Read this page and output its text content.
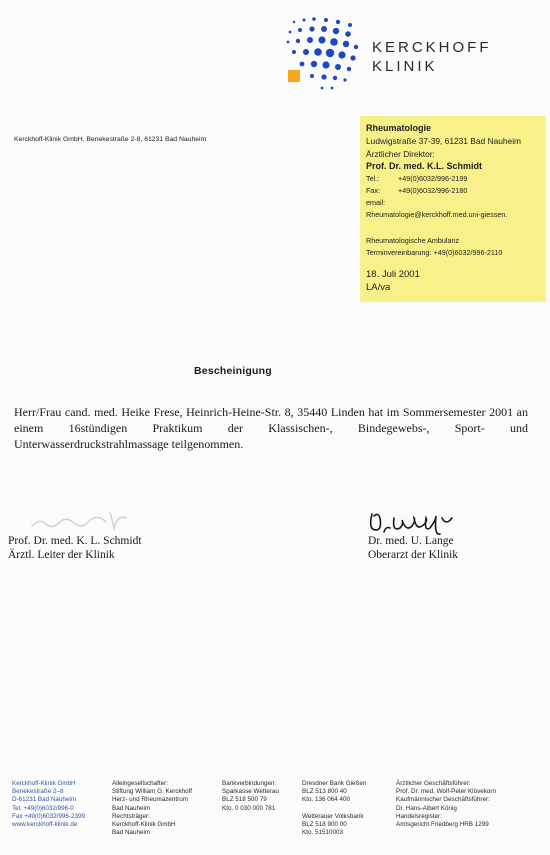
KERCKHOFF
KLINIK
Kerckhoff-Klinik GmbH, Benekestraße 2-8, 61231 Bad Nauheim
Rheumatologie
Ludwigstraße 37-39, 61231 Bad Nauheim
Ärztlicher Direktor:
Prof. Dr. med. K.L. Schmidt
Tel.:	+49(0)6032/996-2199
Fax:	+49(0)6032/996-2180
email:
Rheumatologie@kerckhoff.med.uni-giessen.
Rheumatologische Ambulanz
Terminvereinbarung: +49(0)6032/996-2110
18. Juli 2001
LA/va
Bescheinigung
Herr/Frau cand. med. Heike Frese, Heinrich-Heine-Str. 8, 35440 Linden hat im Sommersemester 2001 an einem 16stündigen Praktikum der Klassischen-, Bindegewebs-, Sport- und Unterwasserdruckstrahlmassage teilgenommen.
Prof. Dr. med. K. L. Schmidt
Ärztl. Leiter der Klinik
Dr. med. U. Lange
Oberarzt der Klinik
Kerckhoff-Klinik GmbH
Benekestraße 2–8
D-61231 Bad Nauheim
Tel. +49(0)6032/996-0
Fax +49(0)6032/996-2399
www.kerckhoff-klinik.de
Alleingesellschafter:
Stiftung William G. Kerckhoff
Herz- und Rheumazentrum
Bad Nauheim
Rechtsträger:
Kerckhoff-Klinik GmbH
Bad Nauheim
Bankverbindungen:
Sparkasse Wetterau
BLZ 518 500 79
Kto. 0 030 000 781
Dresdner Bank Gießen
BLZ 513 800 40
Kto. 136 064 400

Wetterauer Volksbank
BLZ 518 900 00
Kto. 51510003
Ärztlicher Geschäftsführer:
Prof. Dr. med. Wolf-Peter Klövekorn
Kaufmännischer Geschäftsführer:
Dr. Hans-Albert König
Handelsregister:
Amtsgericht Friedberg HRB 1299
